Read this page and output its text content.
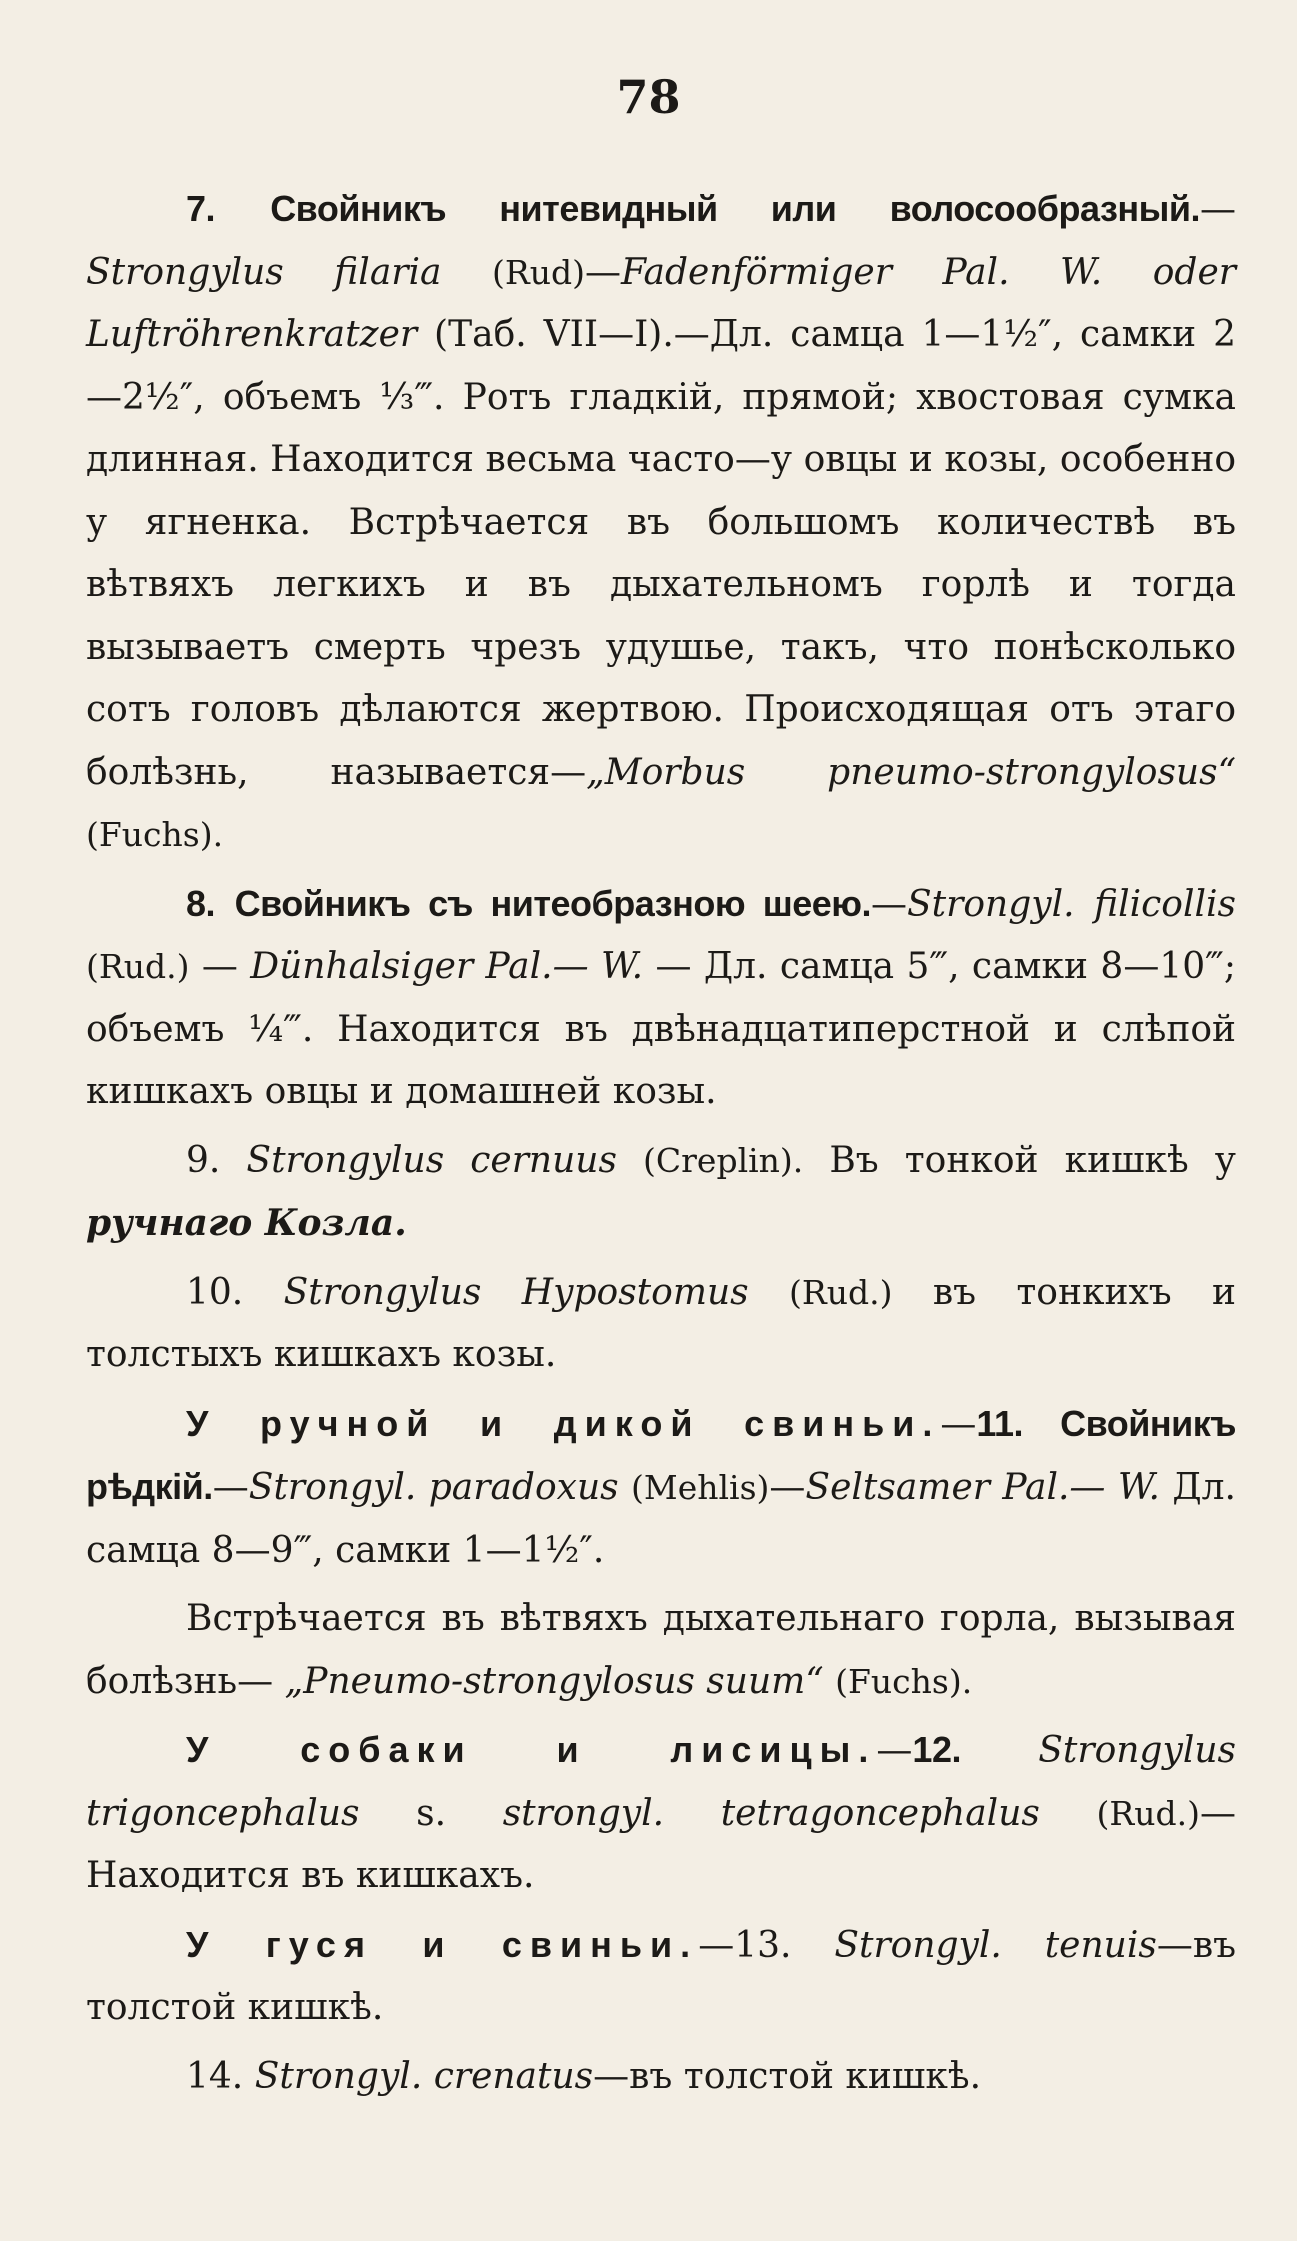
78

7. Свойникъ нитевидный или волосообразный.—Strongylus filaria (Rud)—Fadenförmiger Pal. W. oder Luftröhrenkratzer (Таб. VII—I).—Дл. самца 1—1½″, самки 2—2½″, объемъ ⅓‴. Ротъ гладкій, прямой; хвостовая сумка длинная. Находится весьма часто—у овцы и козы, особенно у ягненка. Встрѣчается въ большомъ количествѣ въ вѣтвяхъ легкихъ и въ дыхательномъ горлѣ и тогда вызываетъ смерть чрезъ удушье, такъ, что понѣсколько сотъ головъ дѣлаются жертвою. Происходящая отъ этаго болѣзнь, называется—„Morbus pneumo-strongylosus“ (Fuchs).

8. Свойникъ съ нитеобразною шеею.—Strongyl. filicollis (Rud.) — Dünhalsiger Pal.— W. — Дл. самца 5‴, самки 8—10‴; объемъ ¼‴. Находится въ двѣнадцатиперстной и слѣпой кишкахъ овцы и домашней козы.

9. Strongylus cernuus (Creplin). Въ тонкой кишкѣ у ручнаго Козла.

10. Strongylus Hypostomus (Rud.) въ тонкихъ и толстыхъ кишкахъ козы.

У ручной и дикой свиньи.—11. Свойникъ рѣдкій.—Strongyl. paradoxus (Mehlis)—Seltsamer Pal.— W. Дл. самца 8—9‴, самки 1—1½″.

Встрѣчается въ вѣтвяхъ дыхательнаго горла, вызывая болѣзнь— „Pneumo-strongylosus suum“ (Fuchs).

У собаки и лисицы.—12. Strongylus trigoncephalus s. strongyl. tetragoncephalus (Rud.)—Находится въ кишкахъ.

У гуся и свиньи.—13. Strongyl. tenuis—въ толстой кишкѣ.

14. Strongyl. crenatus—въ толстой кишкѣ.
